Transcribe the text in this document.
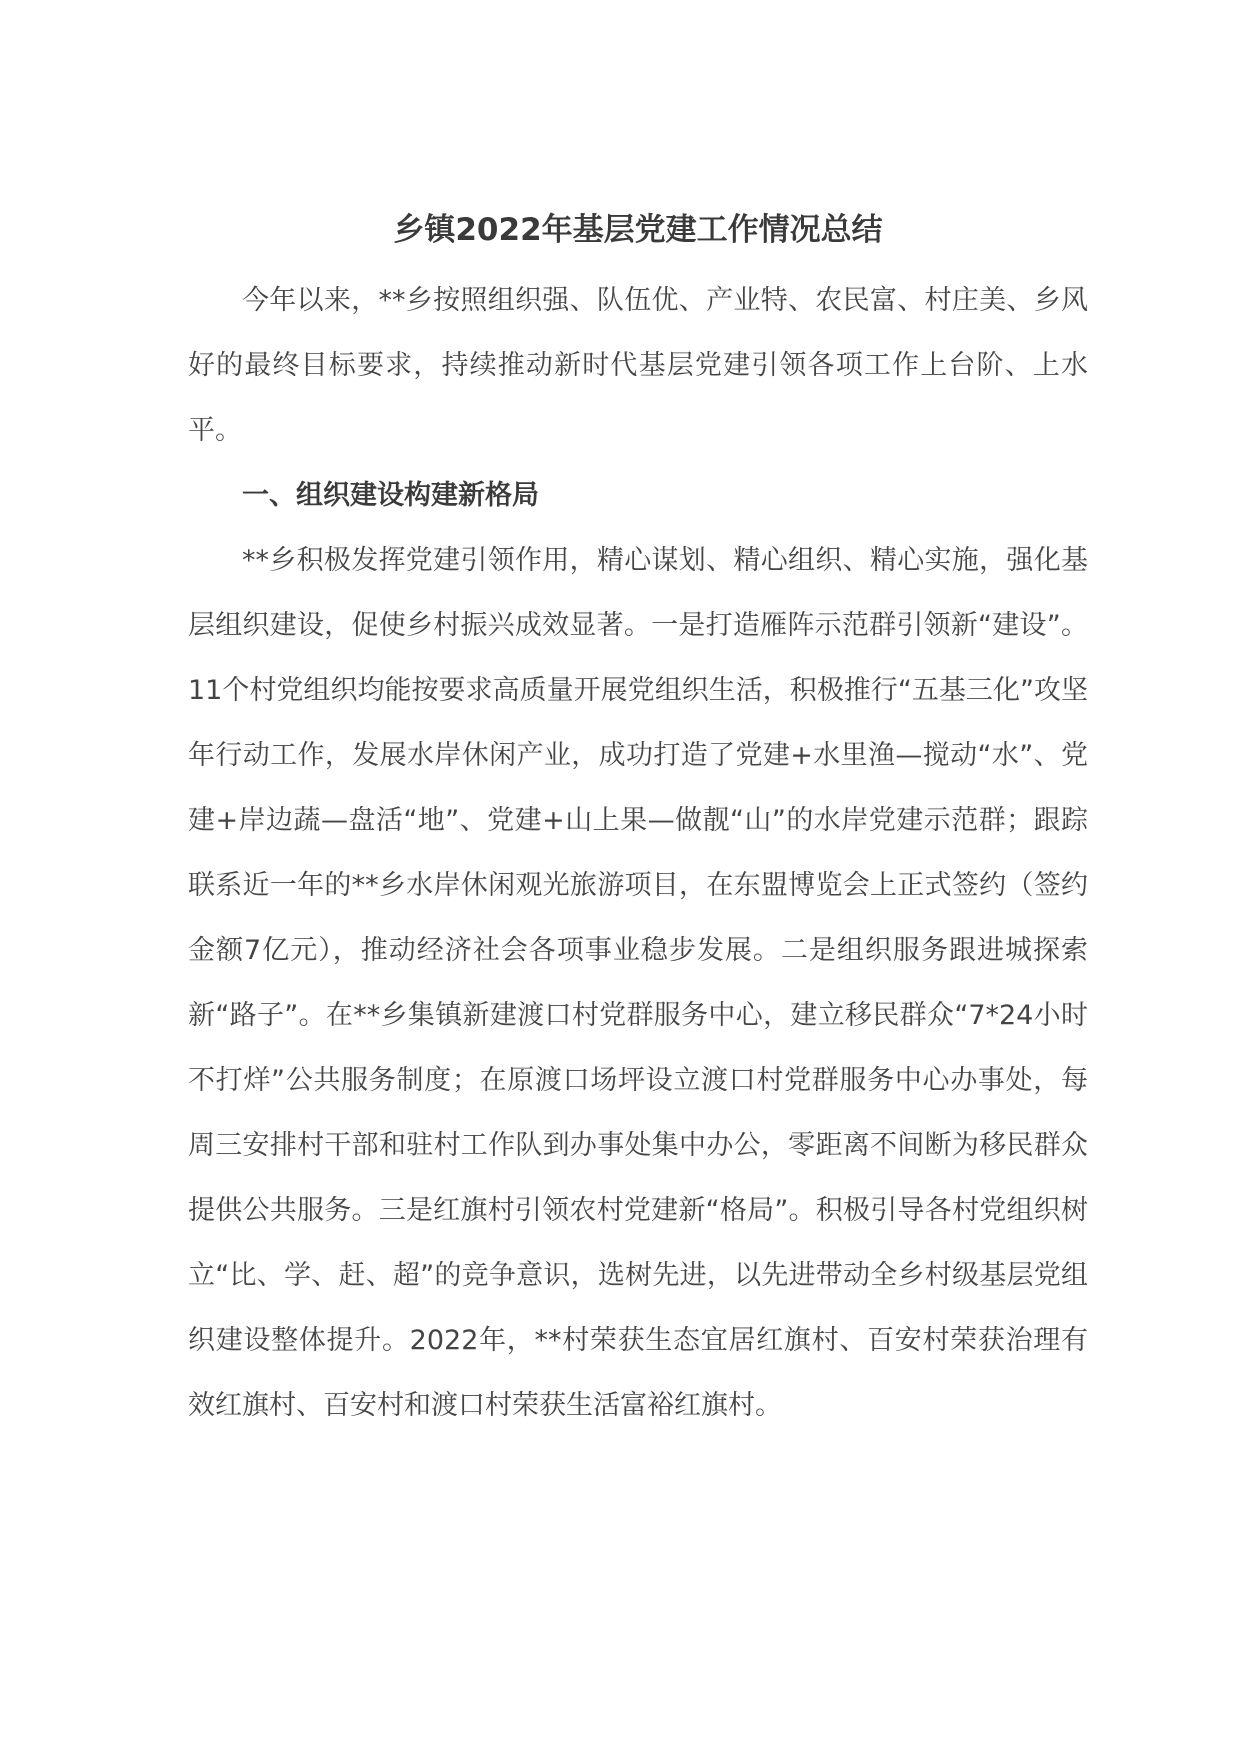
乡镇2022年基层党建工作情况总结

今年以来，**乡按照组织强、队伍优、产业特、农民富、村庄美、乡风好的最终目标要求，持续推动新时代基层党建引领各项工作上台阶、上水平。

一、组织建设构建新格局

**乡积极发挥党建引领作用，精心谋划、精心组织、精心实施，强化基层组织建设，促使乡村振兴成效显著。一是打造雁阵示范群引领新“建设”。11个村党组织均能按要求高质量开展党组织生活，积极推行“五基三化”攻坚年行动工作，发展水岸休闲产业，成功打造了党建+水里渔—搅动“水”、党建+岸边蔬—盘活“地”、党建+山上果—做靓“山”的水岸党建示范群；跟踪联系近一年的**乡水岸休闲观光旅游项目，在东盟博览会上正式签约（签约金额7亿元），推动经济社会各项事业稳步发展。二是组织服务跟进城探索新“路子”。在**乡集镇新建渡口村党群服务中心，建立移民群众“7*24小时不打烊”公共服务制度；在原渡口场坪设立渡口村党群服务中心办事处，每周三安排村干部和驻村工作队到办事处集中办公，零距离不间断为移民群众提供公共服务。三是红旗村引领农村党建新“格局”。积极引导各村党组织树立“比、学、赶、超”的竞争意识，选树先进，以先进带动全乡村级基层党组织建设整体提升。2022年，**村荣获生态宜居红旗村、百安村荣获治理有效红旗村、百安村和渡口村荣获生活富裕红旗村。
